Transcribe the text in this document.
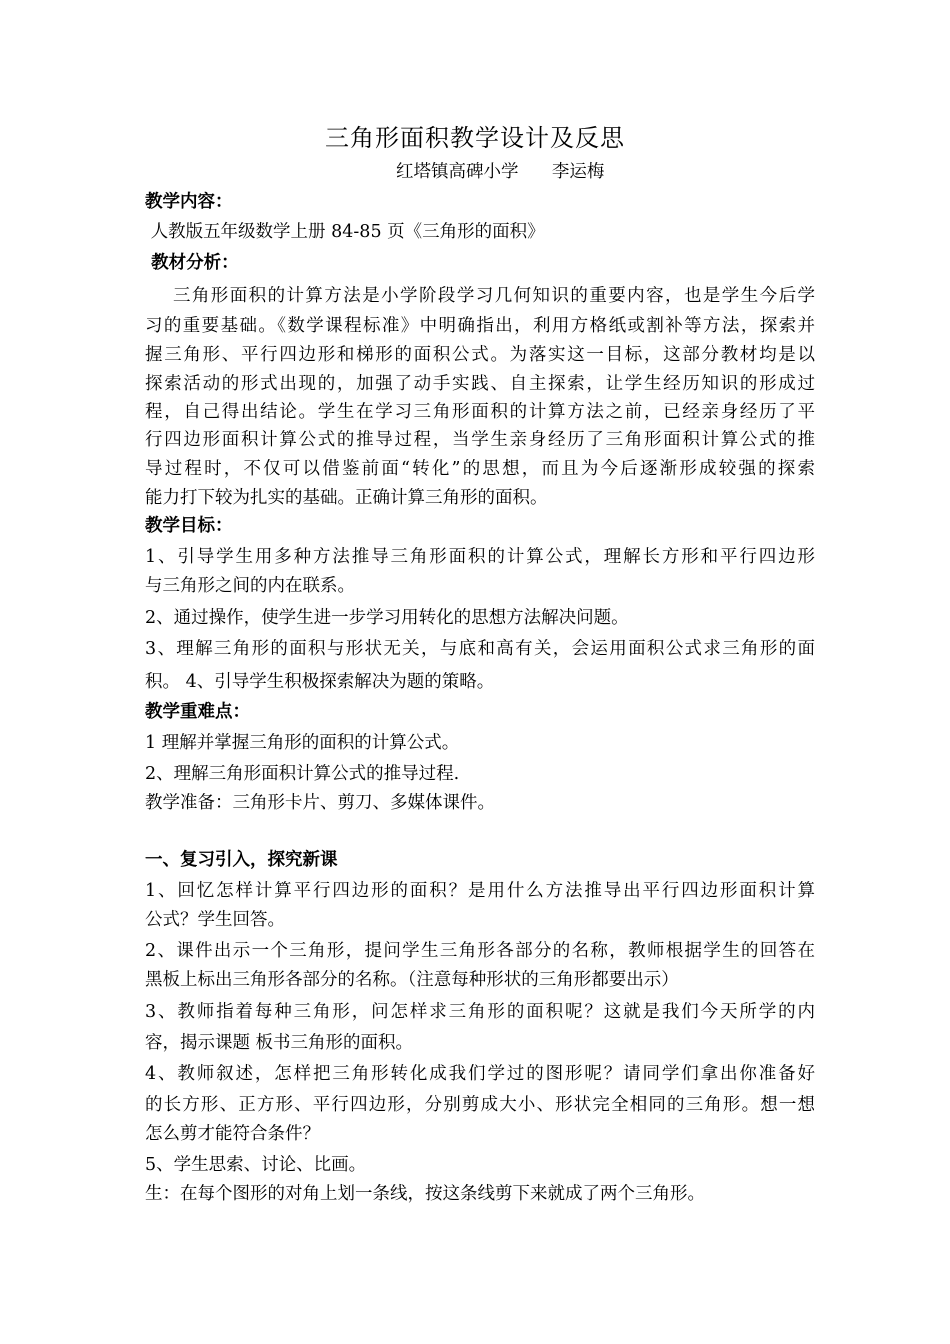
三角形面积教学设计及反思
红塔镇高碑小学      李运梅
教学内容：
人教版五年级数学上册 84-85 页《三角形的面积》
教材分析：
三角形面积的计算方法是小学阶段学习几何知识的重要内容，也是学生今后学
习的重要基础。《数学课程标准》中明确指出，利用方格纸或割补等方法，探索并
握三角形、平行四边形和梯形的面积公式。为落实这一目标，这部分教材均是以
探索活动的形式出现的，加强了动手实践、自主探索，让学生经历知识的形成过
程，自己得出结论。学生在学习三角形面积的计算方法之前，已经亲身经历了平
行四边形面积计算公式的推导过程，当学生亲身经历了三角形面积计算公式的推
导过程时，不仅可以借鉴前面“转化”的思想，而且为今后逐渐形成较强的探索
能力打下较为扎实的基础。正确计算三角形的面积。
教学目标：
1、引导学生用多种方法推导三角形面积的计算公式，理解长方形和平行四边形
与三角形之间的内在联系。
2、通过操作，使学生进一步学习用转化的思想方法解决问题。
3、理解三角形的面积与形状无关，与底和高有关，会运用面积公式求三角形的面
积。 4、引导学生积极探索解决为题的策略。
教学重难点：
1 理解并掌握三角形的面积的计算公式。
2、理解三角形面积计算公式的推导过程.
教学准备：三角形卡片、剪刀、多媒体课件。
一、复习引入，探究新课
1、回忆怎样计算平行四边形的面积？是用什么方法推导出平行四边形面积计算
公式？学生回答。
2、课件出示一个三角形，提问学生三角形各部分的名称，教师根据学生的回答在
黑板上标出三角形各部分的名称。（注意每种形状的三角形都要出示）
3、教师指着每种三角形，问怎样求三角形的面积呢？这就是我们今天所学的内
容，揭示课题 板书三角形的面积。
4、教师叙述，怎样把三角形转化成我们学过的图形呢？请同学们拿出你准备好
的长方形、正方形、平行四边形，分别剪成大小、形状完全相同的三角形。想一想
怎么剪才能符合条件？
5、学生思索、讨论、比画。
生：在每个图形的对角上划一条线，按这条线剪下来就成了两个三角形。
